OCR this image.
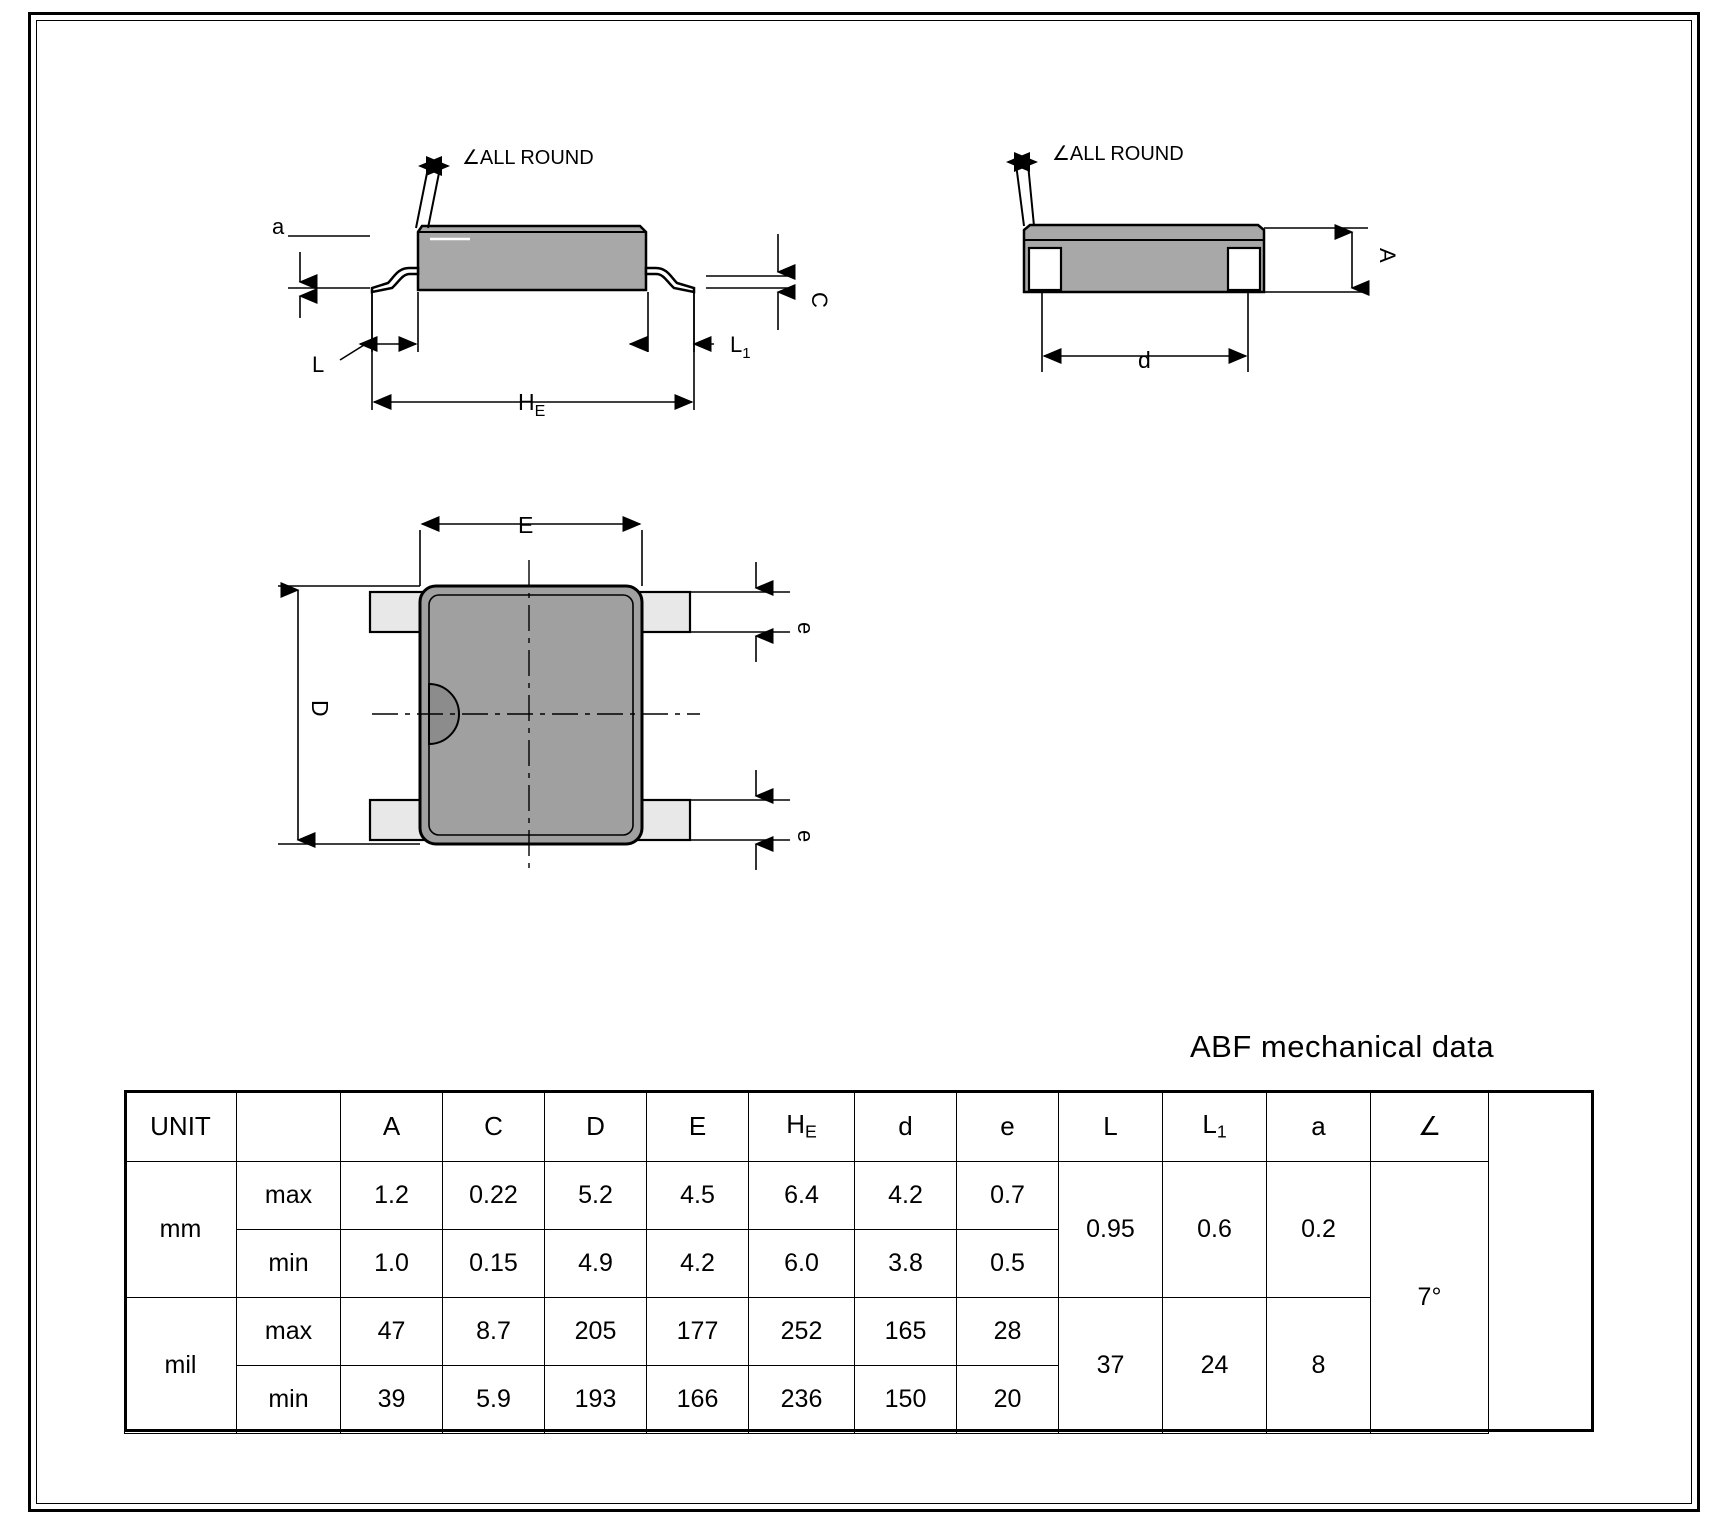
∠ALL ROUND
a
C
L
$L_1$
$H_E$
∠ALL ROUND
A
d
E
D
e
e
ABF mechanical data
UNIT		A	C	D	E	$H_E$	d	e	L	$L_1$	a	∠
mm	max	1.2	0.22	5.2	4.5	6.4	4.2	0.7	0.95	0.6	0.2	7°
	min	1.0	0.15	4.9	4.2	6.0	3.8	0.5				
mil	max	47	8.7	205	177	252	165	28	37	24	8	
	min	39	5.9	193	166	236	150	20				
